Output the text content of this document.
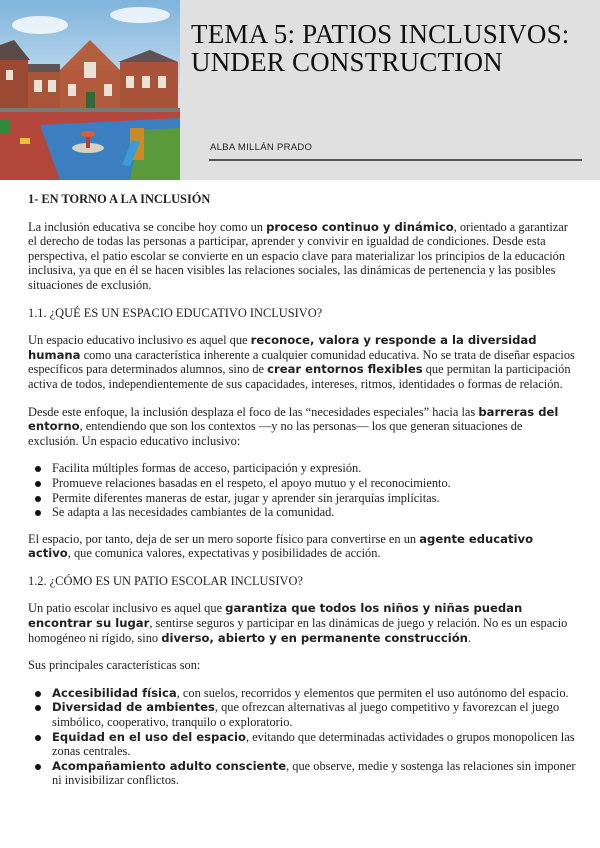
TEMA 5: PATIOS INCLUSIVOS: UNDER CONSTRUCTION

ALBA MILLÁN PRADO

1- EN TORNO A LA INCLUSIÓN

La inclusión educativa se concibe hoy como un proceso continuo y dinámico, orientado a garantizar el derecho de todas las personas a participar, aprender y convivir en igualdad de condiciones. Desde esta perspectiva, el patio escolar se convierte en un espacio clave para materializar los principios de la educación inclusiva, ya que en él se hacen visibles las relaciones sociales, las dinámicas de pertenencia y las posibles situaciones de exclusión.

1.1. ¿QUÉ ES UN ESPACIO EDUCATIVO INCLUSIVO?

Un espacio educativo inclusivo es aquel que reconoce, valora y responde a la diversidad humana como una característica inherente a cualquier comunidad educativa. No se trata de diseñar espacios específicos para determinados alumnos, sino de crear entornos flexibles que permitan la participación activa de todos, independientemente de sus capacidades, intereses, ritmos, identidades o formas de relación.

Desde este enfoque, la inclusión desplaza el foco de las “necesidades especiales” hacia las barreras del entorno, entendiendo que son los contextos —y no las personas— los que generan situaciones de exclusión. Un espacio educativo inclusivo:

Facilita múltiples formas de acceso, participación y expresión.
Promueve relaciones basadas en el respeto, el apoyo mutuo y el reconocimiento.
Permite diferentes maneras de estar, jugar y aprender sin jerarquías implícitas.
Se adapta a las necesidades cambiantes de la comunidad.

El espacio, por tanto, deja de ser un mero soporte físico para convertirse en un agente educativo activo, que comunica valores, expectativas y posibilidades de acción.

1.2. ¿CÓMO ES UN PATIO ESCOLAR INCLUSIVO?

Un patio escolar inclusivo es aquel que garantiza que todos los niños y niñas puedan encontrar su lugar, sentirse seguros y participar en las dinámicas de juego y relación. No es un espacio homogéneo ni rígido, sino diverso, abierto y en permanente construcción.

Sus principales características son:

Accesibilidad física, con suelos, recorridos y elementos que permiten el uso autónomo del espacio.
Diversidad de ambientes, que ofrezcan alternativas al juego competitivo y favorezcan el juego simbólico, cooperativo, tranquilo o exploratorio.
Equidad en el uso del espacio, evitando que determinadas actividades o grupos monopolicen las zonas centrales.
Acompañamiento adulto consciente, que observe, medie y sostenga las relaciones sin imponer ni invisibilizar conflictos.
